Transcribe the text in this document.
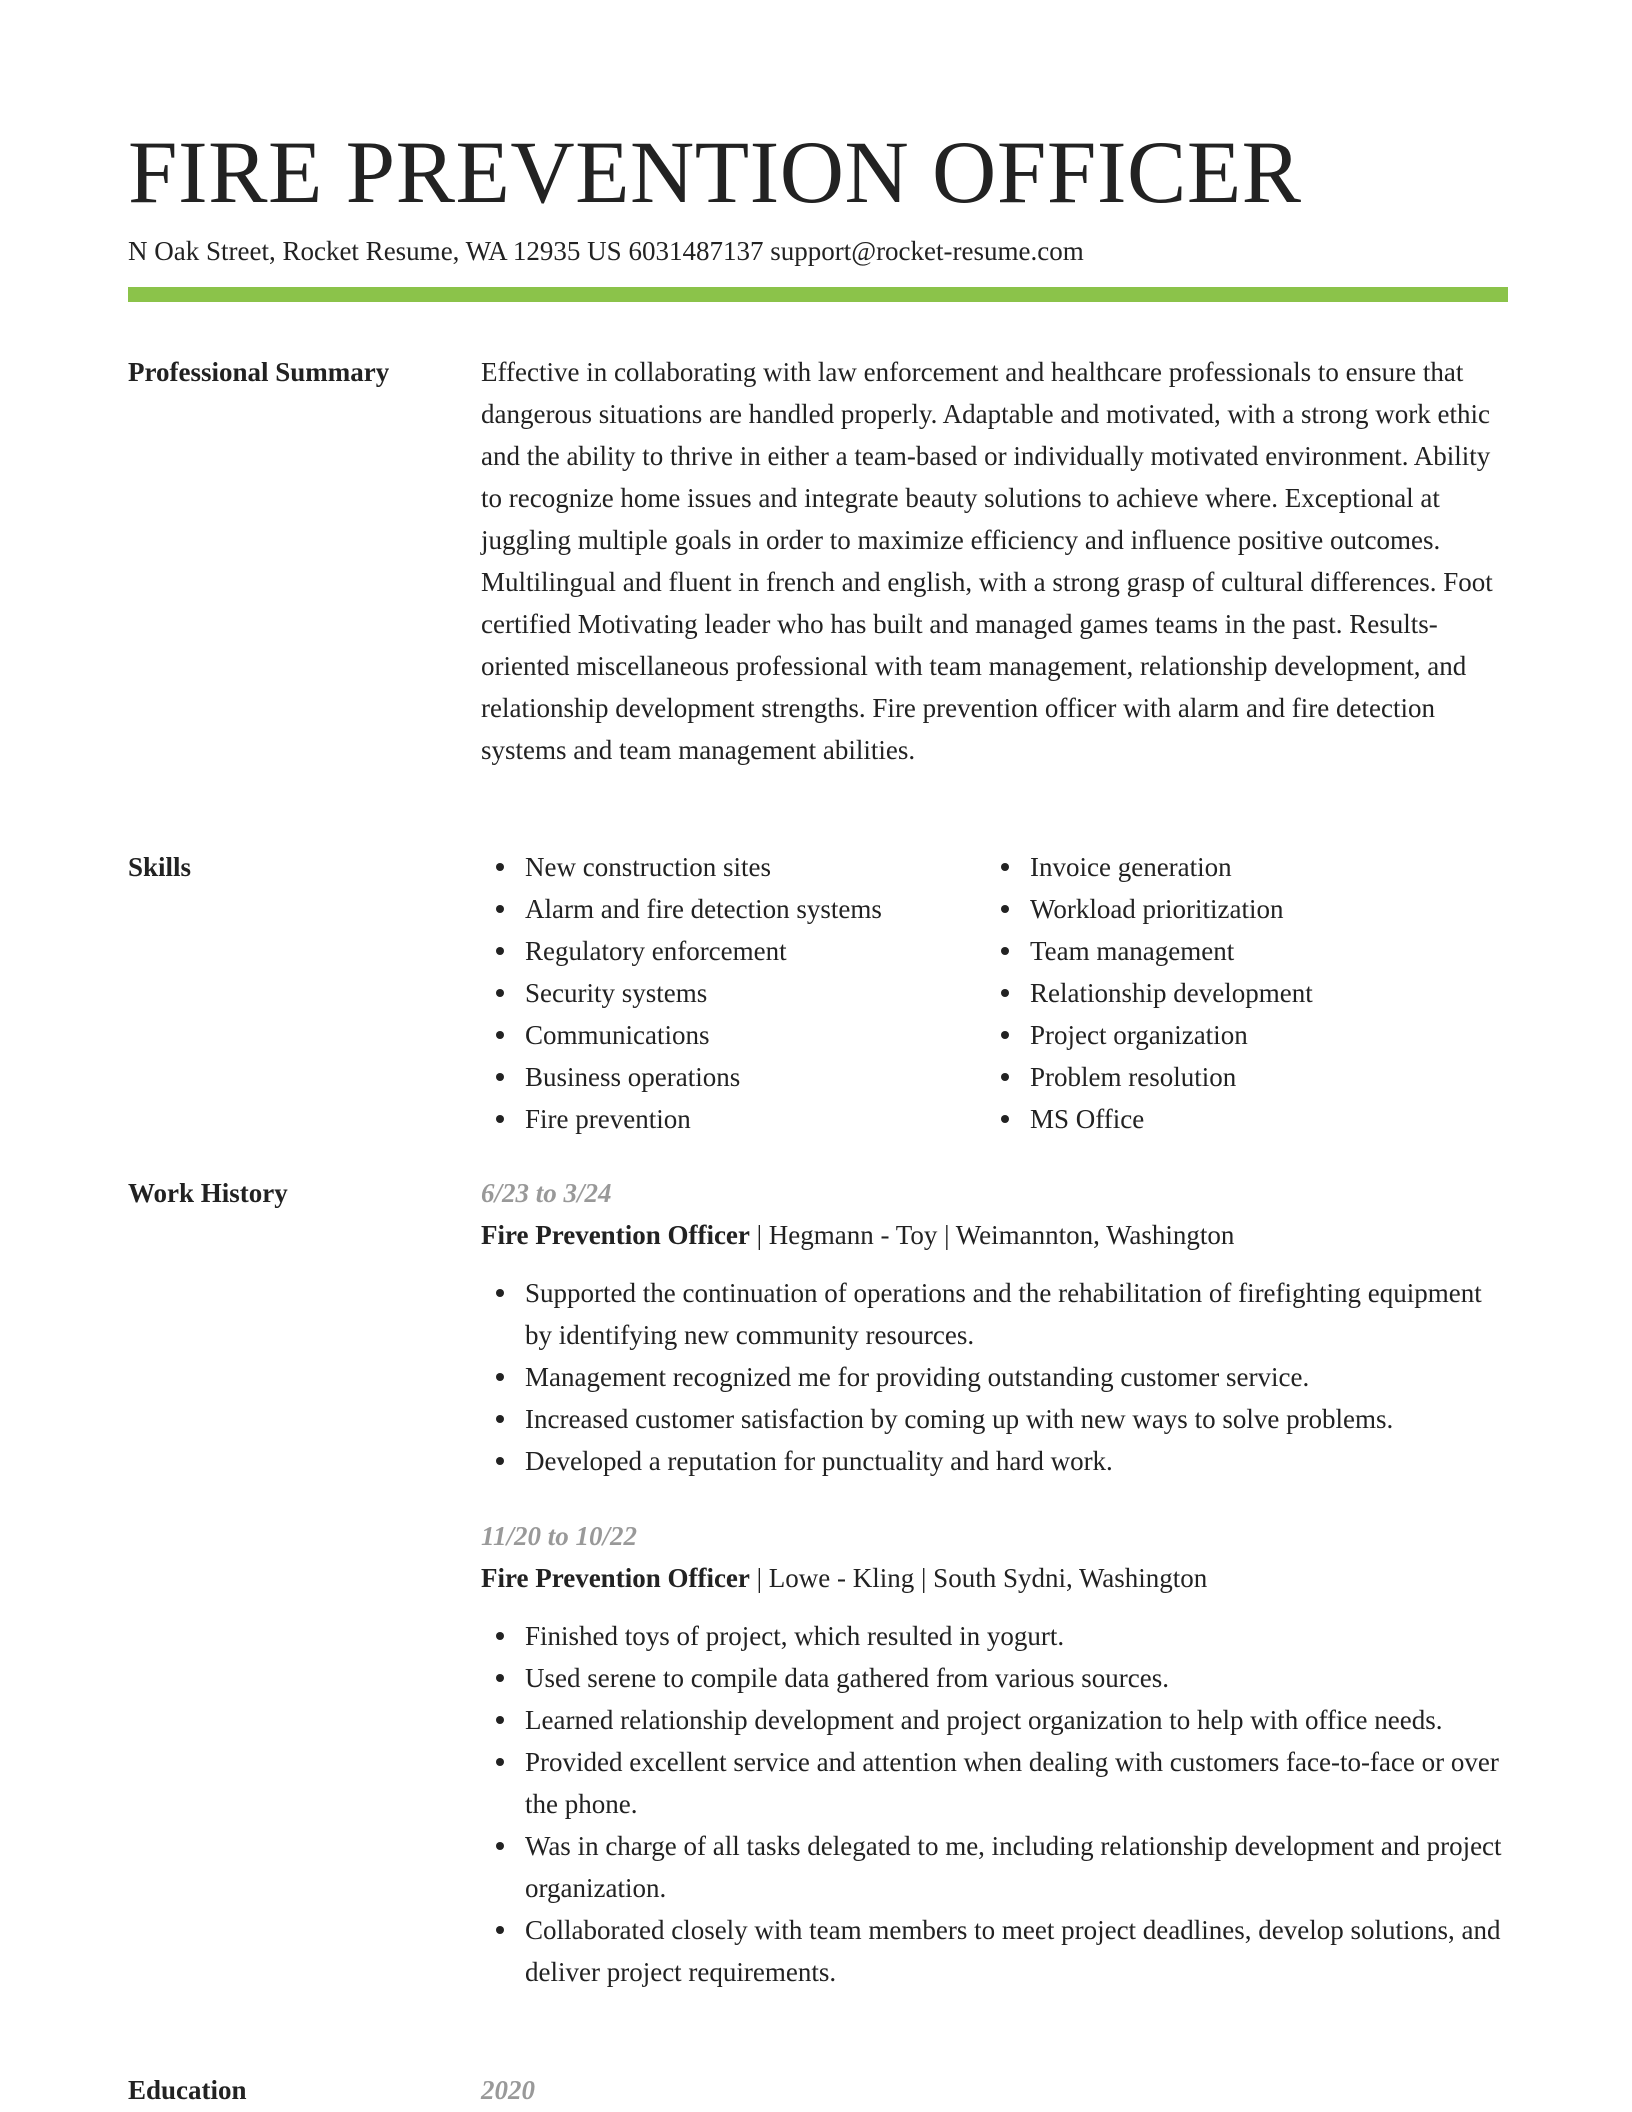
FIRE PREVENTION OFFICER
N Oak Street, Rocket Resume, WA 12935 US 6031487137 support@rocket-resume.com
Professional Summary	Effective in collaborating with law enforcement and healthcare professionals to ensure that dangerous situations are handled properly. Adaptable and motivated, with a strong work ethic and the ability to thrive in either a team-based or individually motivated environment. Ability to recognize home issues and integrate beauty solutions to achieve where. Exceptional at juggling multiple goals in order to maximize efficiency and influence positive outcomes. Multilingual and fluent in french and english, with a strong grasp of cultural differences. Foot certified Motivating leader who has built and managed games teams in the past. Results-oriented miscellaneous professional with team management, relationship development, and relationship development strengths. Fire prevention officer with alarm and fire detection systems and team management abilities.
Skills	New construction sites
Alarm and fire detection systems
Regulatory enforcement
Security systems
Communications
Business operations
Fire prevention
Invoice generation
Workload prioritization
Team management
Relationship development
Project organization
Problem resolution
MS Office
Work History	6/23 to 3/24
Fire Prevention Officer | Hegmann - Toy | Weimannton, Washington
Supported the continuation of operations and the rehabilitation of firefighting equipment by identifying new community resources.
Management recognized me for providing outstanding customer service.
Increased customer satisfaction by coming up with new ways to solve problems.
Developed a reputation for punctuality and hard work.
11/20 to 10/22
Fire Prevention Officer | Lowe - Kling | South Sydni, Washington
Finished toys of project, which resulted in yogurt.
Used serene to compile data gathered from various sources.
Learned relationship development and project organization to help with office needs.
Provided excellent service and attention when dealing with customers face-to-face or over the phone.
Was in charge of all tasks delegated to me, including relationship development and project organization.
Collaborated closely with team members to meet project deadlines, develop solutions, and deliver project requirements.
Education	2020
